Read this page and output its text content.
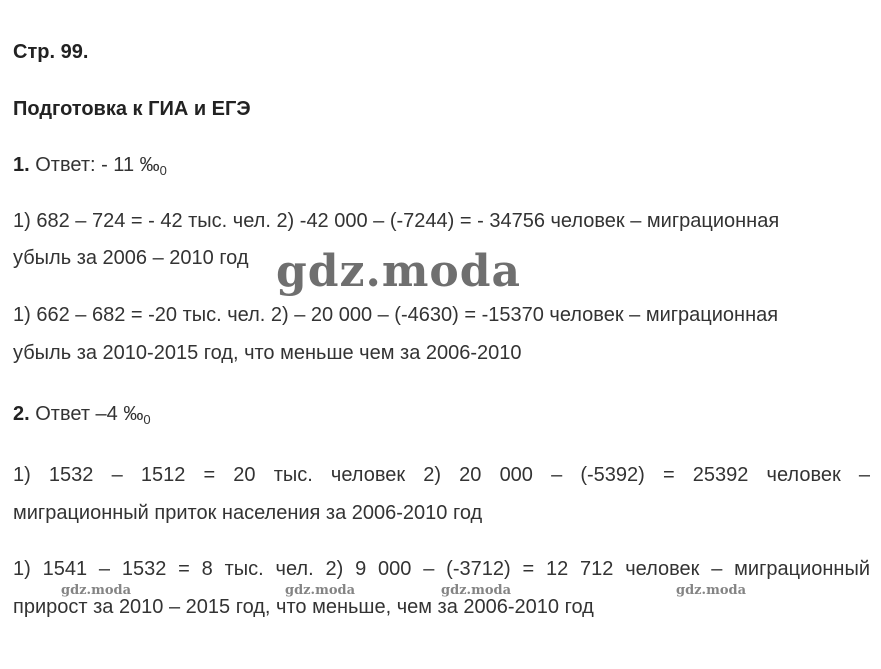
Стр. 99.
Подготовка к ГИА и ЕГЭ
1. Ответ: - 11 $‰_0$
1) 682 – 724 = - 42 тыс. чел. 2) -42 000 – (-7244) = - 34756 человек – миграционная
убыль за 2006 – 2010 год
1) 662 – 682 = -20 тыс. чел. 2) – 20 000 – (-4630) = -15370 человек – миграционная
убыль за 2010-2015 год, что меньше чем за 2006-2010
2. Ответ –4 $‰_0$
1) 1532 – 1512 = 20 тыс. человек 2) 20 000 – (-5392) = 25392 человек –
миграционный приток населения за 2006-2010 год
1) 1541 – 1532 = 8 тыс. чел. 2) 9 000 – (-3712) = 12 712 человек – миграционный
прирост за 2010 – 2015 год, что меньше, чем за 2006-2010 год
gdz.moda
gdz.moda	gdz.moda	gdz.moda	gdz.moda
